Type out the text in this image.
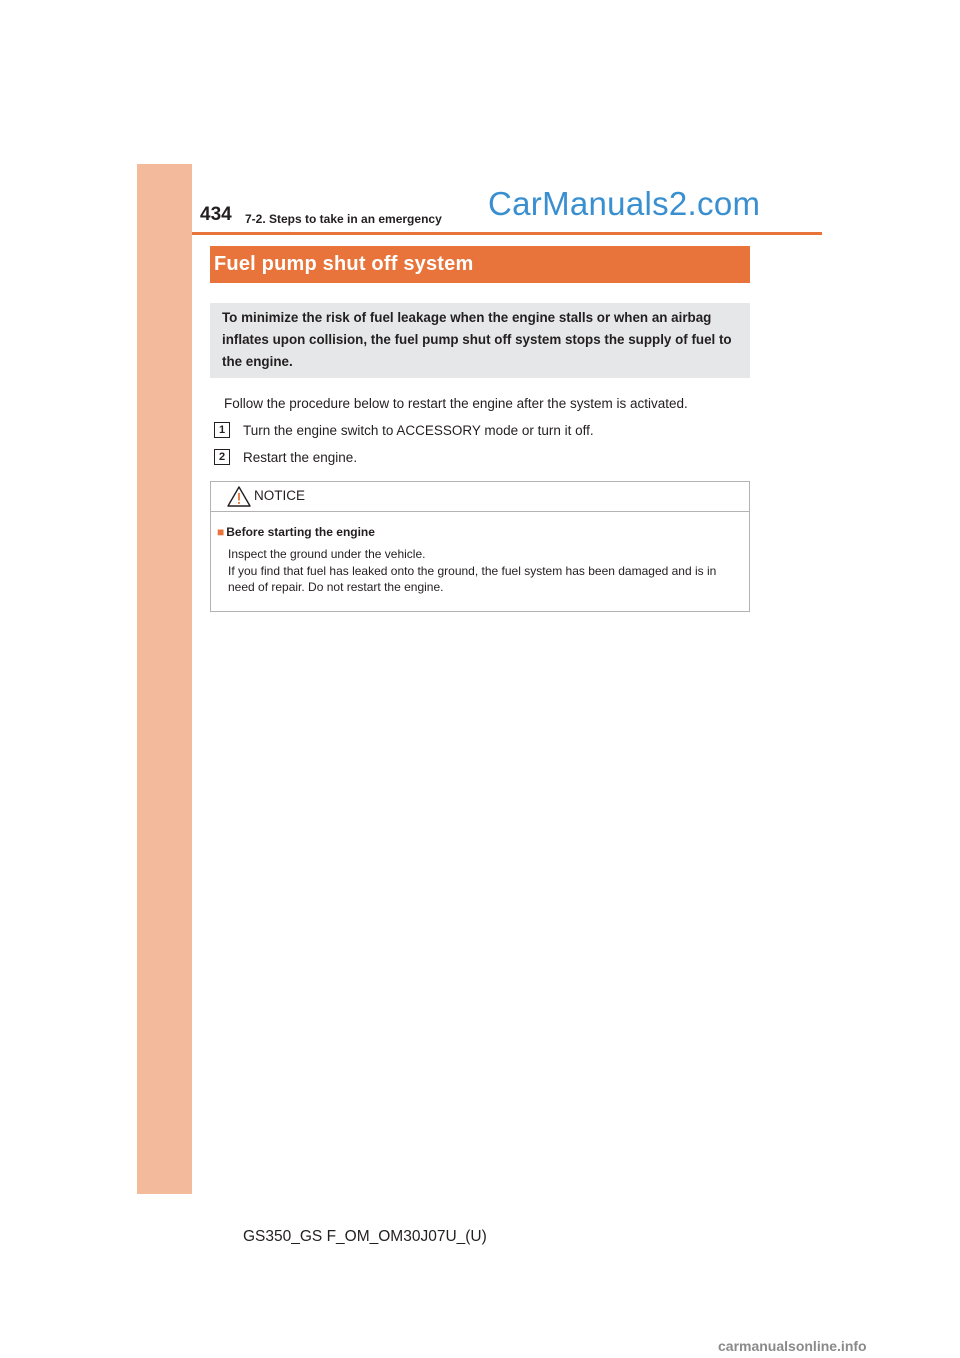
434 7-2. Steps to take in an emergency CarManuals2.com
Fuel pump shut off system
To minimize the risk of fuel leakage when the engine stalls or when an airbag inflates upon collision, the fuel pump shut off system stops the supply of fuel to the engine.
Follow the procedure below to restart the engine after the system is activated.
1	Turn the engine switch to ACCESSORY mode or turn it off.
2	Restart the engine.
NOTICE
■ Before starting the engine

Inspect the ground under the vehicle.

If you find that fuel has leaked onto the ground, the fuel system has been damaged and is in need of repair. Do not restart the engine.

GS350_GS F_OM_OM30J07U_(U)
carmanualsonline.info
